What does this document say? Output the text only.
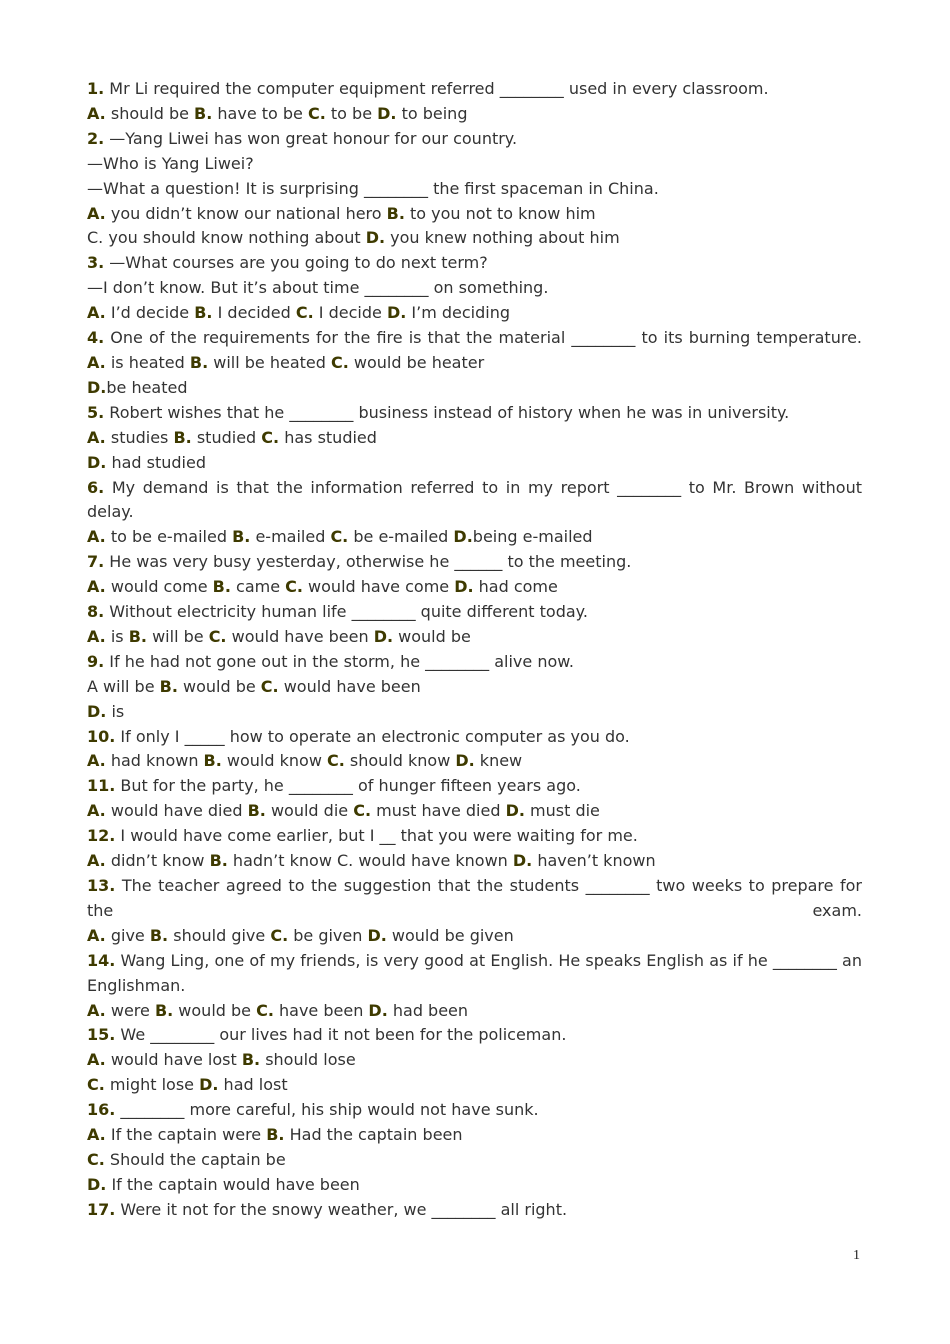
1. Mr Li required the computer equipment referred ________ used in every classroom.
A. should be B. have to be C. to be D. to being
2. —Yang Liwei has won great honour for our country.
—Who is Yang Liwei?
—What a question! It is surprising ________ the first spaceman in China.
A. you didn’t know our national hero B. to you not to know him
C. you should know nothing about D. you knew nothing about him
3. —What courses are you going to do next term?
—I don’t know. But it’s about time ________ on something.
A. I’d decide B. I decided C. I decide D. I’m deciding
4. One of the requirements for the fire is that the material ________ to its burning temperature.
A. is heated B. will be heated C. would be heater
D.be heated
5. Robert wishes that he ________ business instead of history when he was in university.
A. studies B. studied C. has studied
D. had studied
6. My demand is that the information referred to in my report ________ to Mr. Brown without delay.
A. to be e-mailed B. e-mailed C. be e-mailed D.being e-mailed
7. He was very busy yesterday, otherwise he ______ to the meeting.
A. would come B. came C. would have come D. had come
8. Without electricity human life ________ quite different today.
A. is B. will be C. would have been D. would be
9. If he had not gone out in the storm, he ________ alive now.
A will be B. would be C. would have been
D. is
10. If only I _____ how to operate an electronic computer as you do.
A. had known B. would know C. should know D. knew
11. But for the party, he ________ of hunger fifteen years ago.
A. would have died B. would die C. must have died D. must die
12. I would have come earlier, but I __ that you were waiting for me.
A. didn’t know B. hadn’t know C. would have known D. haven’t known
13. The teacher agreed to the suggestion that the students ________ two weeks to prepare for the exam.
A. give B. should give C. be given D. would be given
14. Wang Ling, one of my friends, is very good at English. He speaks English as if he ________ an Englishman.
A. were B. would be C. have been D. had been
15. We ________ our lives had it not been for the policeman.
A. would have lost B. should lose
C. might lose D. had lost
16. ________ more careful, his ship would not have sunk.
A. If the captain were B. Had the captain been
C. Should the captain be
D. If the captain would have been
17. Were it not for the snowy weather, we ________ all right.
1
